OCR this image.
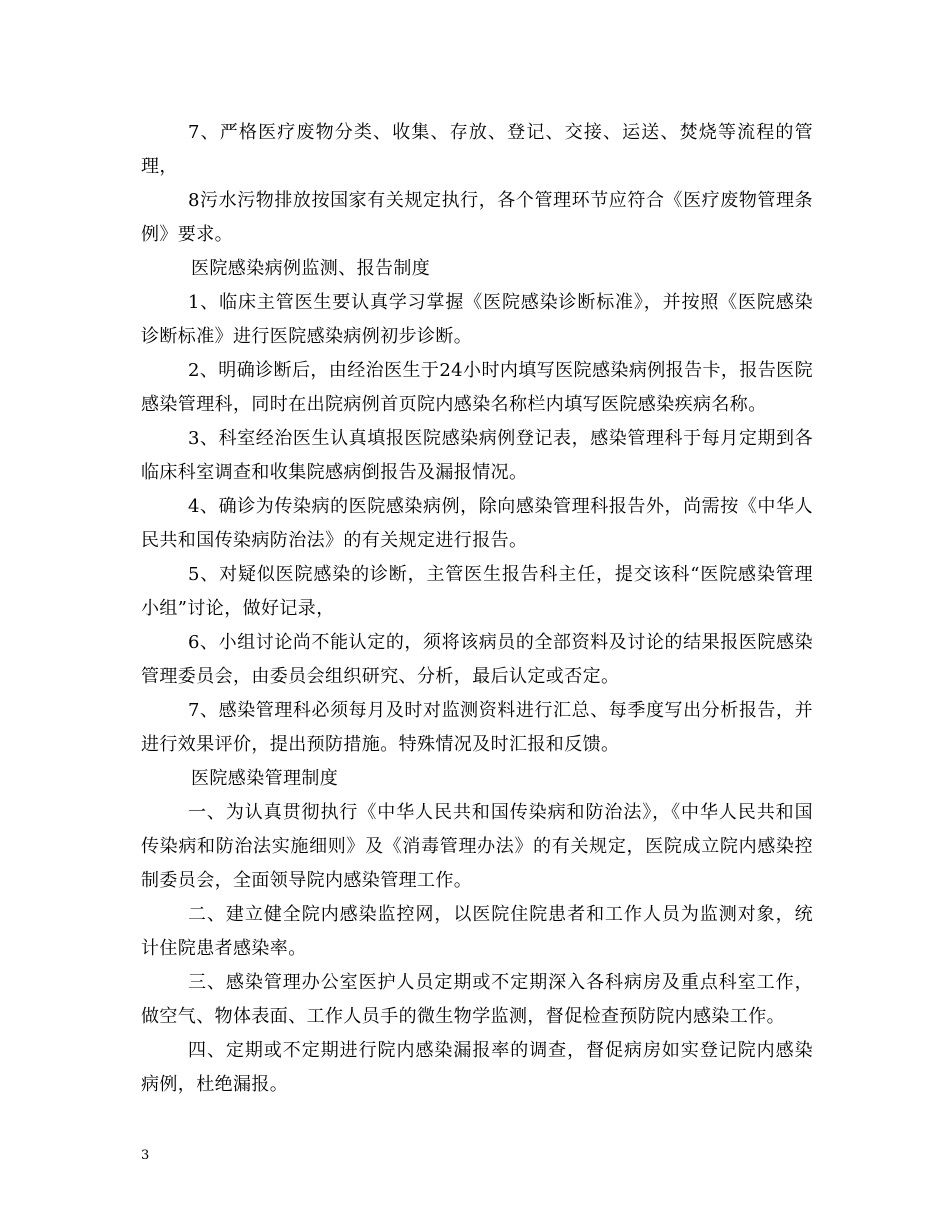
7、严格医疗废物分类、收集、存放、登记、交接、运送、焚烧等流程的管理，

8污水污物排放按国家有关规定执行，各个管理环节应符合《医疗废物管理条例》要求。

医院感染病例监测、报告制度

1、临床主管医生要认真学习掌握《医院感染诊断标准》，并按照《医院感染诊断标准》进行医院感染病例初步诊断。

2、明确诊断后，由经治医生于24小时内填写医院感染病例报告卡，报告医院感染管理科，同时在出院病例首页院内感染名称栏内填写医院感染疾病名称。

3、科室经治医生认真填报医院感染病例登记表，感染管理科于每月定期到各临床科室调查和收集院感病倒报告及漏报情况。

4、确诊为传染病的医院感染病例，除向感染管理科报告外，尚需按《中华人民共和国传染病防治法》的有关规定进行报告。

5、对疑似医院感染的诊断，主管医生报告科主任，提交该科“医院感染管理小组”讨论，做好记录，

6、小组讨论尚不能认定的，须将该病员的全部资料及讨论的结果报医院感染管理委员会，由委员会组织研究、分析，最后认定或否定。

7、感染管理科必须每月及时对监测资料进行汇总、每季度写出分析报告，并进行效果评价，提出预防措施。特殊情况及时汇报和反馈。

医院感染管理制度

一、为认真贯彻执行《中华人民共和国传染病和防治法》，《中华人民共和国传染病和防治法实施细则》及《消毒管理办法》的有关规定，医院成立院内感染控制委员会，全面领导院内感染管理工作。

二、建立健全院内感染监控网，以医院住院患者和工作人员为监测对象，统计住院患者感染率。

三、感染管理办公室医护人员定期或不定期深入各科病房及重点科室工作，做空气、物体表面、工作人员手的微生物学监测，督促检查预防院内感染工作。

四、定期或不定期进行院内感染漏报率的调查，督促病房如实登记院内感染病例，杜绝漏报。

3
